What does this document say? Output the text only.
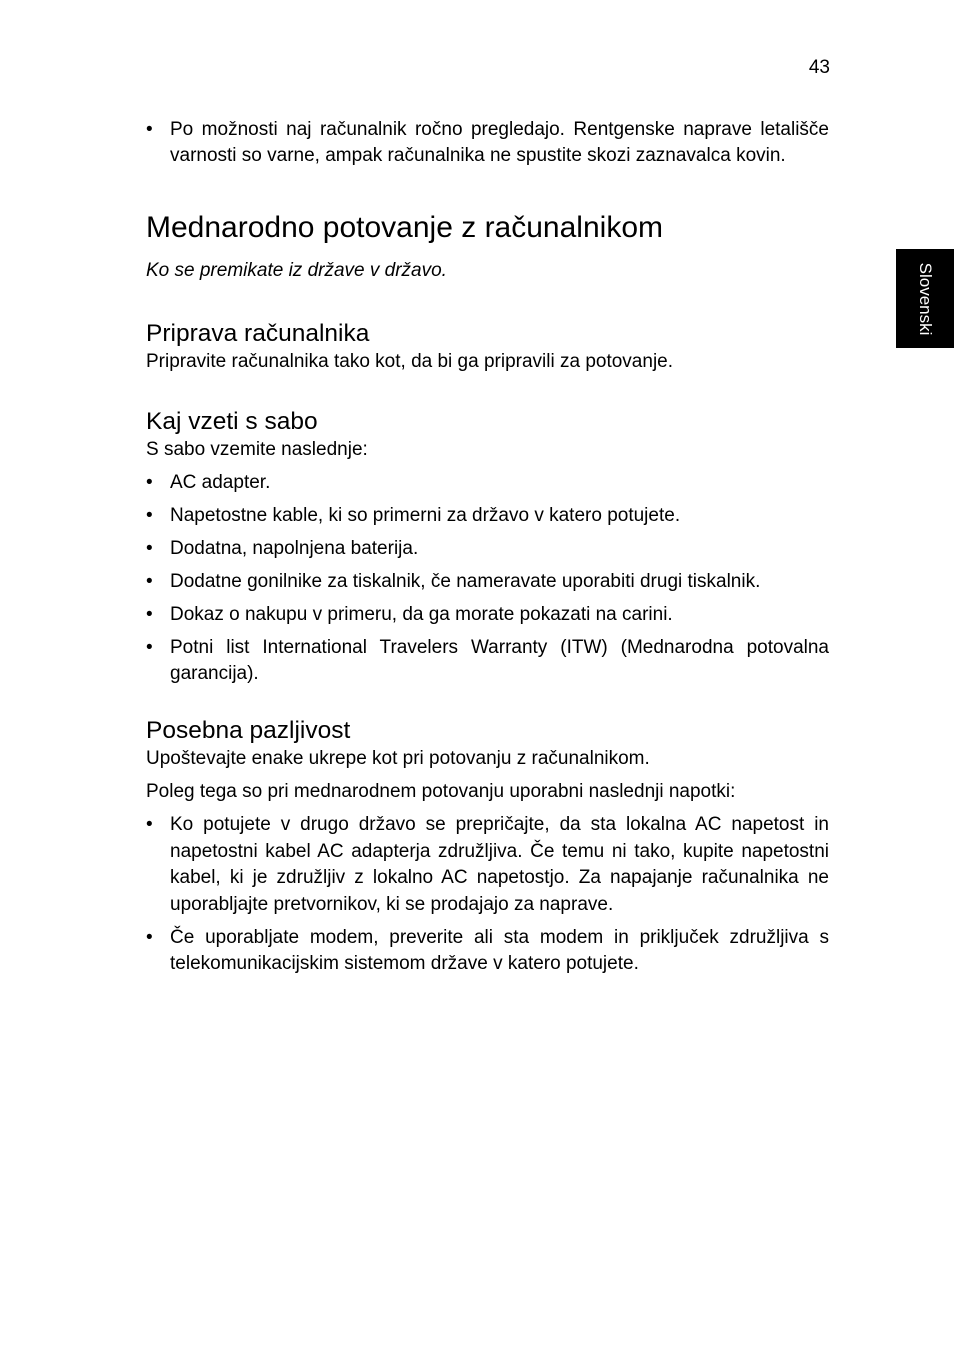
43
Slovenski
• Po možnosti naj računalnik ročno pregledajo. Rentgenske naprave letališče varnosti so varne, ampak računalnika ne spustite skozi zaznavalca kovin.
Mednarodno potovanje z računalnikom

Ko se premikate iz države v državo.

Priprava računalnika

Pripravite računalnika tako kot, da bi ga pripravili za potovanje.

Kaj vzeti s sabo

S sabo vzemite naslednje:

• AC adapter.
• Napetostne kable, ki so primerni za državo v katero potujete.
• Dodatna, napolnjena baterija.
• Dodatne gonilnike za tiskalnik, če nameravate uporabiti drugi tiskalnik.
• Dokaz o nakupu v primeru, da ga morate pokazati na carini.
• Potni list International Travelers Warranty (ITW) (Mednarodna potovalna garancija).
Posebna pazljivost

Upoštevajte enake ukrepe kot pri potovanju z računalnikom.

Poleg tega so pri mednarodnem potovanju uporabni naslednji napotki:

• Ko potujete v drugo državo se prepričajte, da sta lokalna AC napetost in napetostni kabel AC adapterja združljiva. Če temu ni tako, kupite napetostni kabel, ki je združljiv z lokalno AC napetostjo. Za napajanje računalnika ne uporabljajte pretvornikov, ki se prodajajo za naprave.
• Če uporabljate modem, preverite ali sta modem in priključek združljiva s telekomunikacijskim sistemom države v katero potujete.
